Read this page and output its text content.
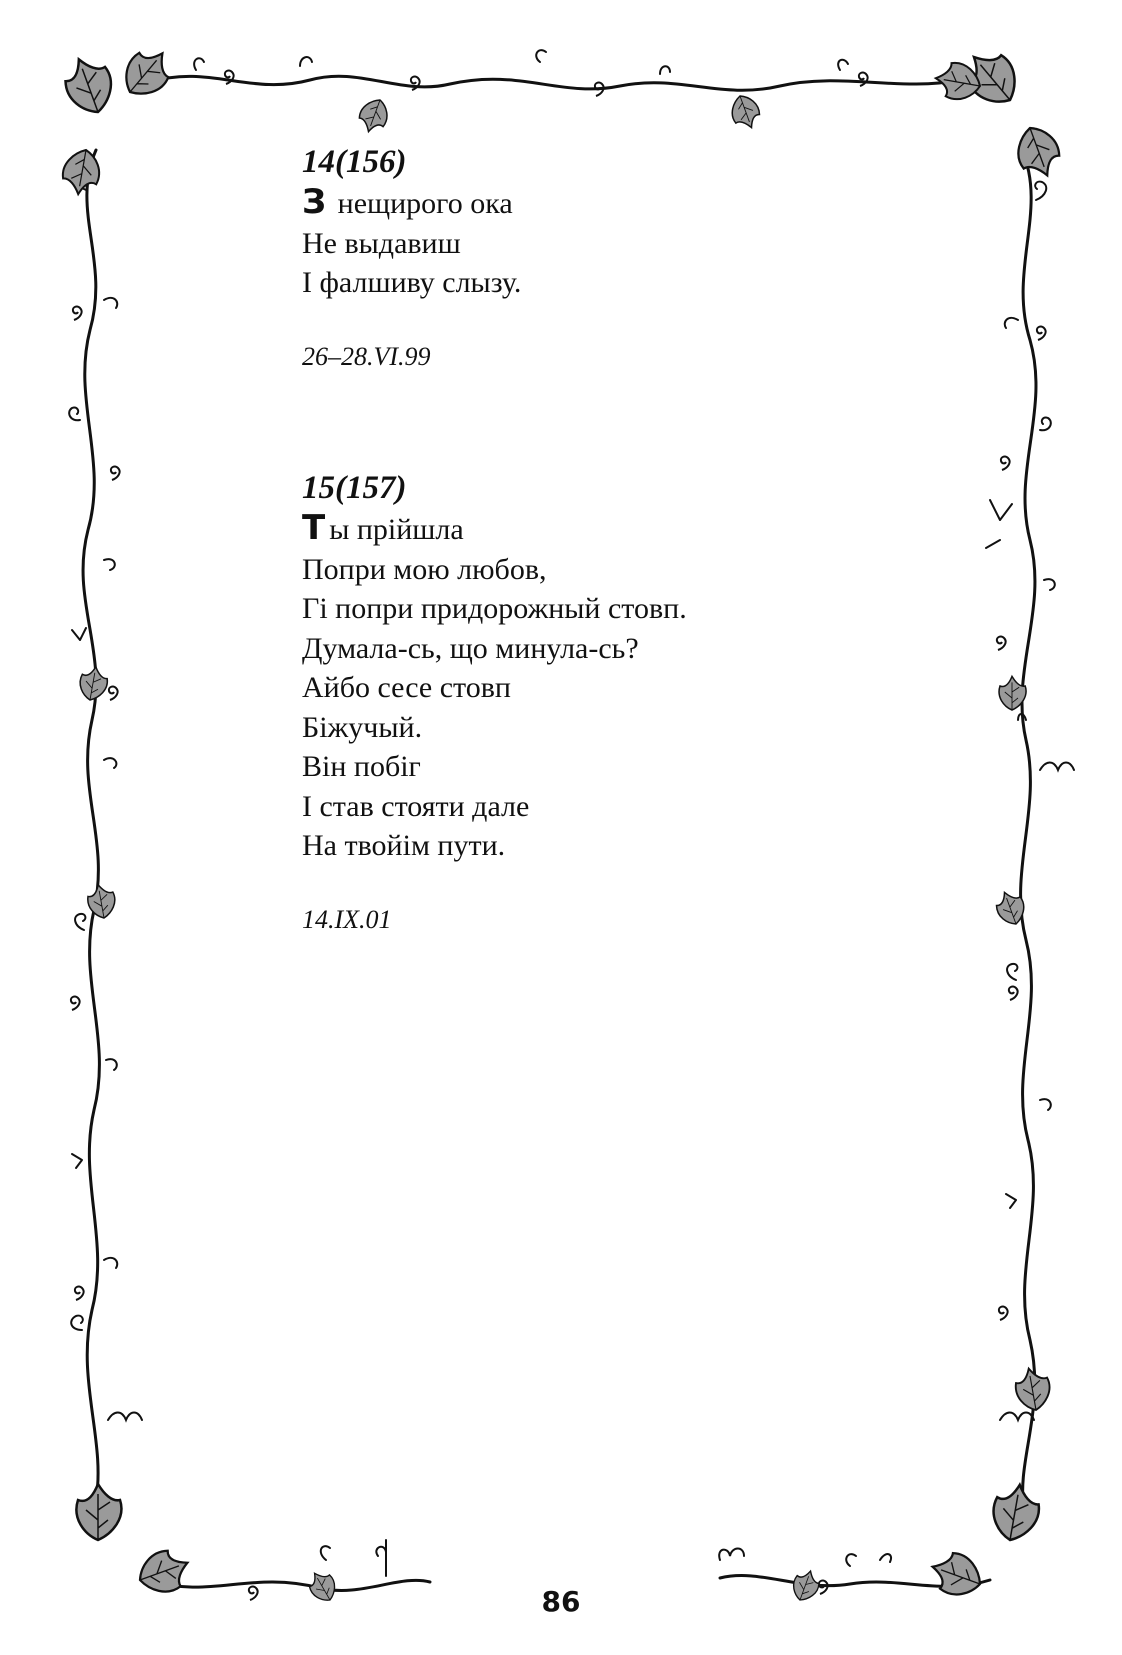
14(156)
З нещирого ока
Не выдавиш
І фалшиву слызу.
26–28.VI.99
15(157)
Т ы прійшла
Попри мою любов,
Гі попри придорожный стовп.
Думала-сь, що минула-сь?
Айбо сесе стовп
Біжучый.
Він побіг
І став стояти дале
На твойім пути.
14.IX.01
86
